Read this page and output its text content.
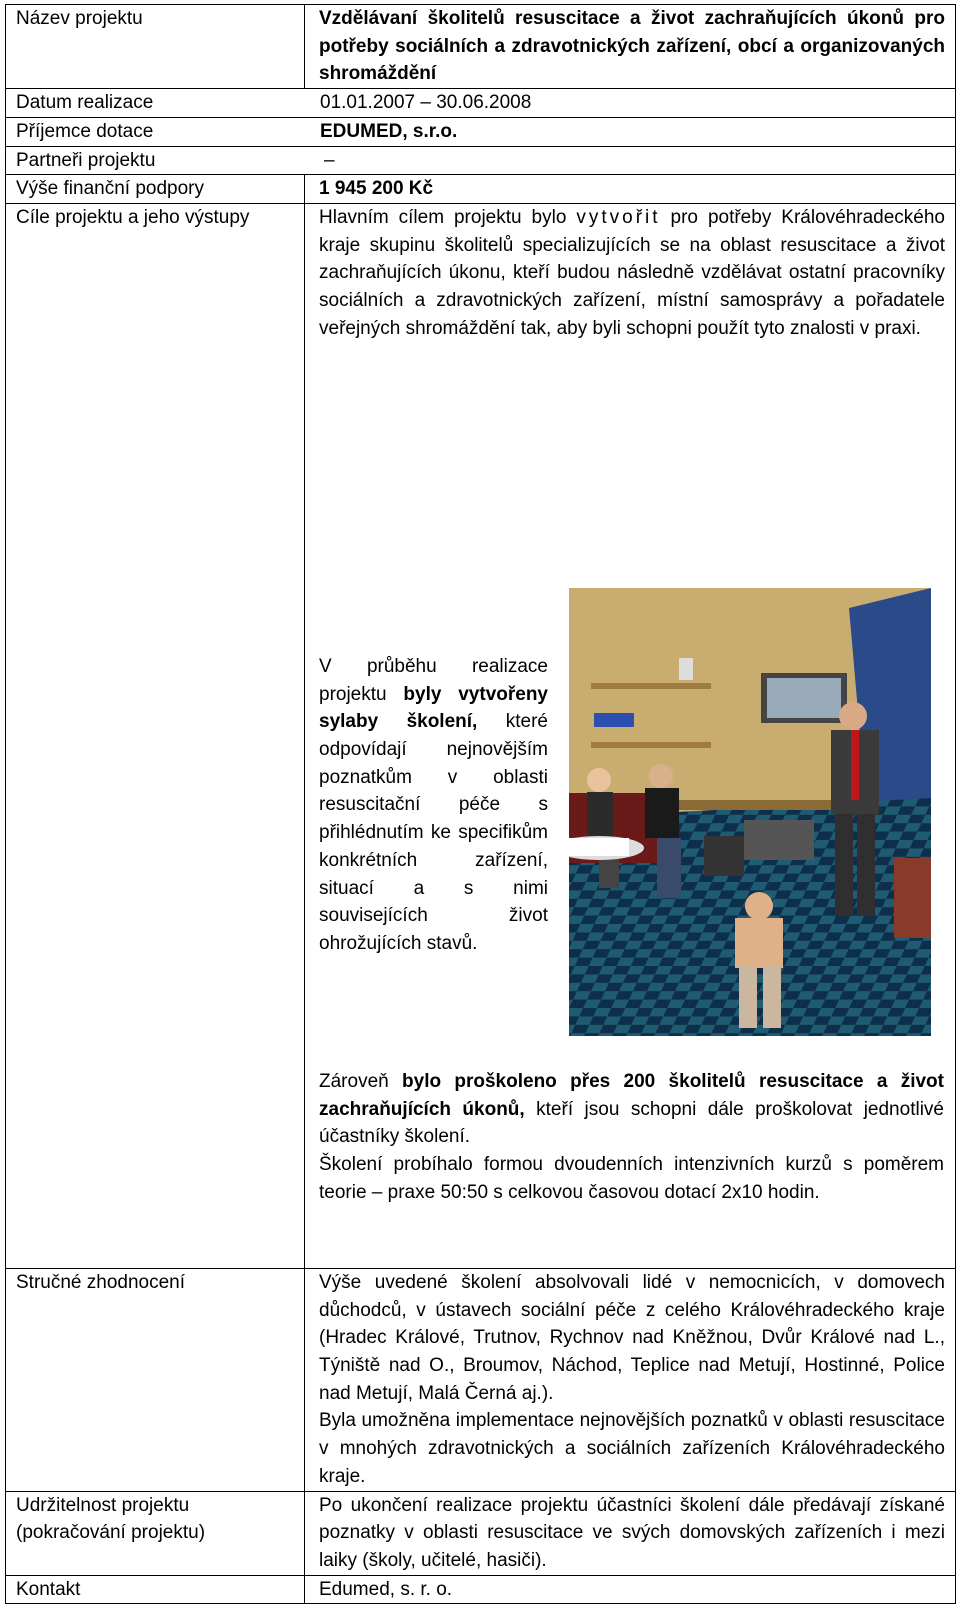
Název projektu	Vzdělávaní školitelů resuscitace a život zachraňujících úkonů pro potřeby sociálních a zdravotnických zařízení, obcí a organizovaných shromáždění
Datum realizace 01.01.2007 – 30.06.2008	

Příjemce dotace EDUMED, s.r.o.	

Partneři projektu –	

Výše finanční podpory	1 945 200 Kč
Cíle projektu a jeho výstupy	Hlavním cílem projektu bylo vytvořit pro potřeby Královéhradeckého kraje skupinu školitelů specializujících se na oblast resuscitace a život zachraňujících úkonu, kteří budou následně vzdělávat ostatní pracovníky sociálních a zdravotnických zařízení, místní samosprávy a pořadatele veřejných shromáždění tak, aby byli schopni použít tyto znalosti v praxi.

V průběhu realizace projektu byly vytvořeny sylaby školení, které odpovídají nejnovějším poznatkům v oblasti resuscitační péče s přihlédnutím ke specifikům konkrétních zařízení, situací a s nimi souvisejících život ohrožujících stavů.

Zároveň bylo proškoleno přes 200 školitelů resuscitace a život zachraňujících úkonů, kteří jsou schopni dále proškolovat jednotlivé účastníky školení.

Školení probíhalo formou dvoudenních intenzivních kurzů s poměrem teorie – praxe 50:50 s celkovou časovou dotací 2x10 hodin.

Stručné zhodnocení	Výše uvedené školení absolvovali lidé v nemocnicích, v domovech důchodců, v ústavech sociální péče z celého Královéhradeckého kraje (Hradec Králové, Trutnov, Rychnov nad Kněžnou, Dvůr Králové nad L., Týniště nad O., Broumov, Náchod, Teplice nad Metují, Hostinné, Police nad Metují, Malá Černá aj.).

Byla umožněna implementace nejnovějších poznatků v oblasti resuscitace v mnohých zdravotnických a sociálních zařízeních Královéhradeckého kraje.

Udržitelnost projektu (pokračování projektu)	Po ukončení realizace projektu účastníci školení dále předávají získané poznatky v oblasti resuscitace ve svých domovských zařízeních i mezi laiky (školy, učitelé, hasiči).
Kontakt	Edumed, s. r. o.
